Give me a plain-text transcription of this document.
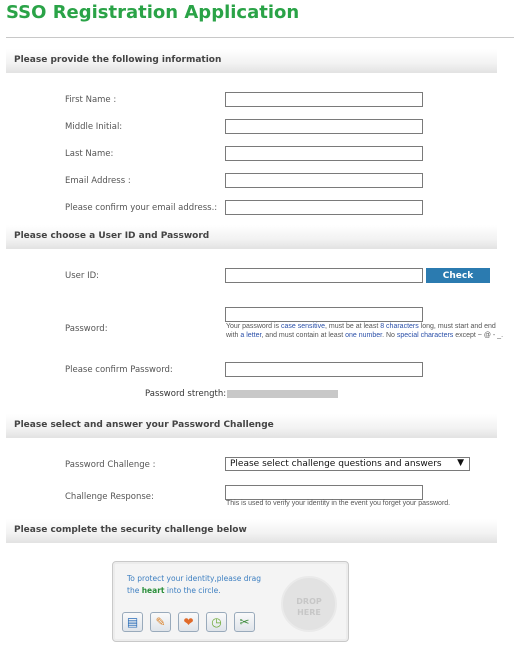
SSO Registration Application
Please provide the following information
First Name :
Middle Initial:
Last Name:
Email Address :
Please confirm your email address.:
Please choose a User ID and Password
User ID:	Check
Password:	Your password is case sensitive, must be at least 8 characters long, must start and end with a letter, and must contain at least one number. No special characters except ~ @ - _.
Please confirm Password:
Password strength:
Please select and answer your Password Challenge
Password Challenge :	Please select challenge questions and answers ▼
Challenge Response:
This is used to verify your identity in the event you forget your password.
Please complete the security challenge below
To protect your identity,please drag
the heart into the circle.
DROP
HERE
▤	✎	❤	◷	✂
